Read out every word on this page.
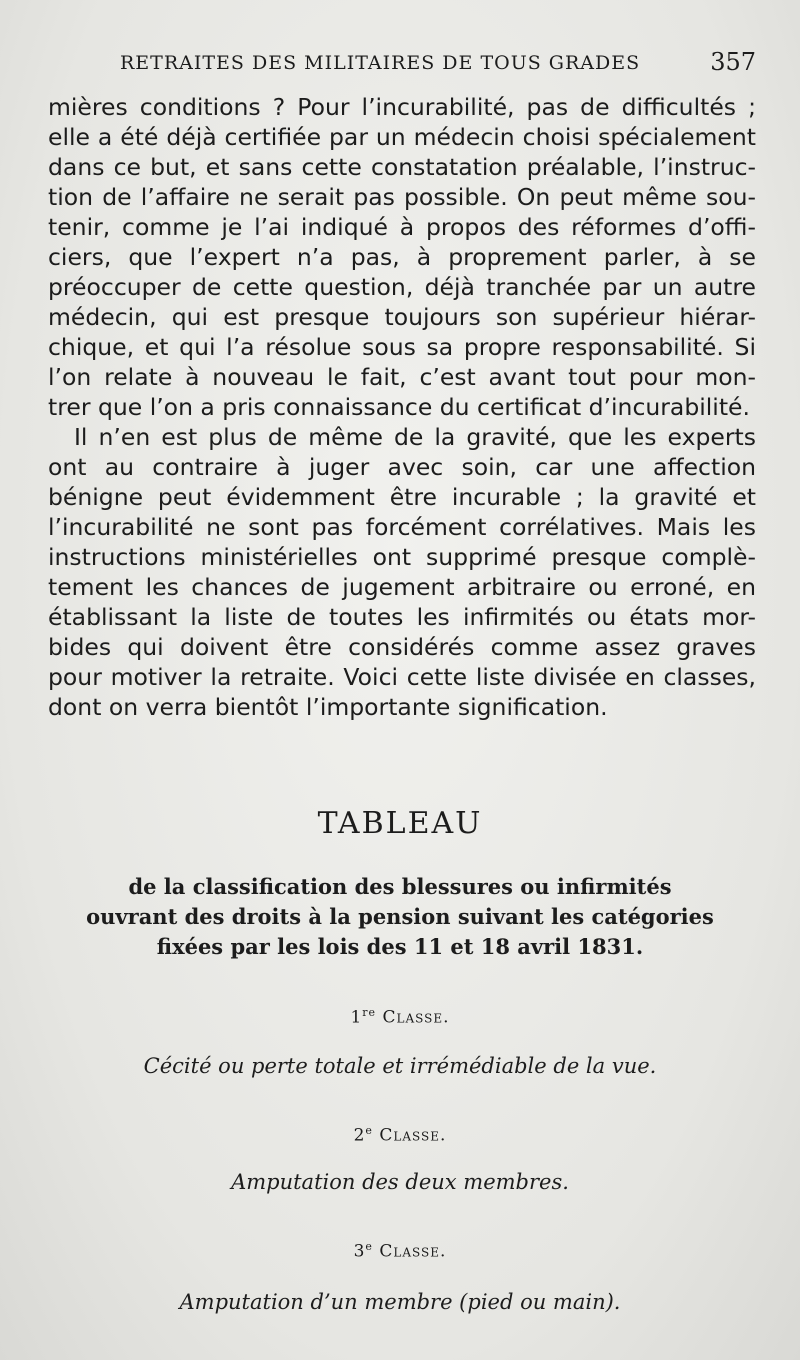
RETRAITES DES MILITAIRES DE TOUS GRADES	357
mières conditions ? Pour l’incurabilité, pas de difficultés ;
elle a été déjà certifiée par un médecin choisi spécialement
dans ce but, et sans cette constatation préalable, l’instruc-
tion de l’affaire ne serait pas possible. On peut même sou-
tenir, comme je l’ai indiqué à propos des réformes d’offi-
ciers, que l’expert n’a pas, à proprement parler, à se
préoccuper de cette question, déjà tranchée par un autre
médecin, qui est presque toujours son supérieur hiérar-
chique, et qui l’a résolue sous sa propre responsabilité. Si
l’on relate à nouveau le fait, c’est avant tout pour mon-
trer que l’on a pris connaissance du certificat d’incurabilité.
Il n’en est plus de même de la gravité, que les experts
ont au contraire à juger avec soin, car une affection
bénigne peut évidemment être incurable ; la gravité et
l’incurabilité ne sont pas forcément corrélatives. Mais les
instructions ministérielles ont supprimé presque complè-
tement les chances de jugement arbitraire ou erroné, en
établissant la liste de toutes les infirmités ou états mor-
bides qui doivent être considérés comme assez graves
pour motiver la retraite. Voici cette liste divisée en classes,
dont on verra bientôt l’importante signification.
TABLEAU
de la classification des blessures ou infirmités
ouvrant des droits à la pension suivant les catégories
fixées par les lois des 11 et 18 avril 1831.
1re Classe.
Cécité ou perte totale et irrémédiable de la vue.
2e Classe.
Amputation des deux membres.
3e Classe.
Amputation d’un membre (pied ou main).
